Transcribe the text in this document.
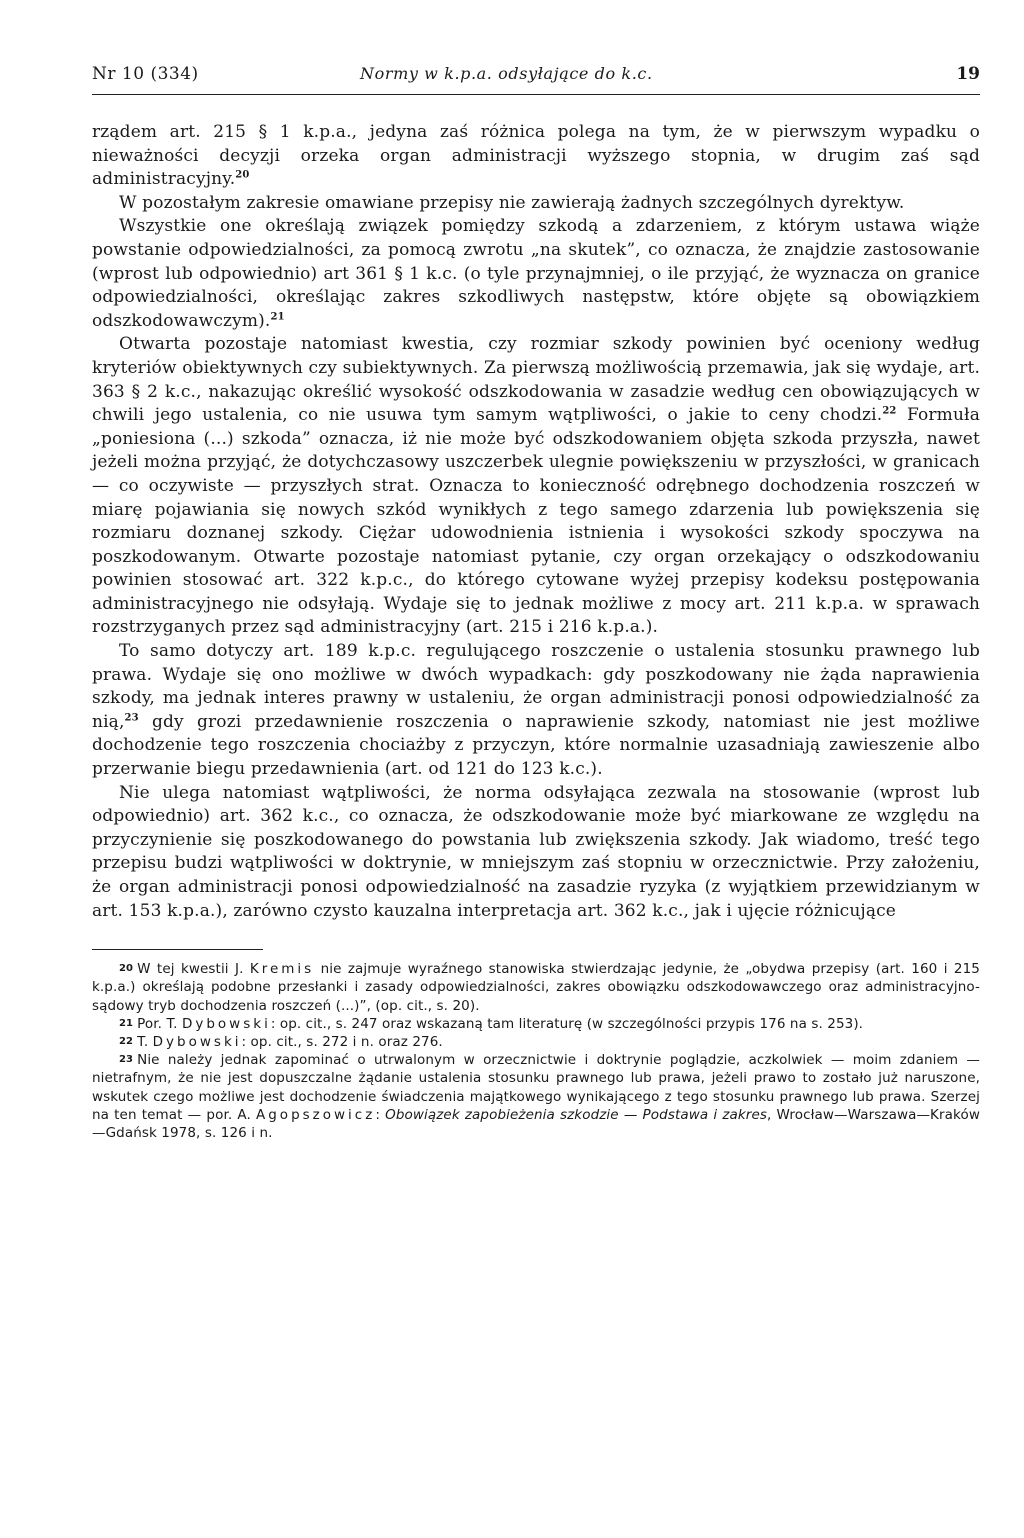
Nr 10 (334)	Normy w k.p.a. odsyłające do k.c.	19

rządem art. 215 § 1 k.p.a., jedyna zaś różnica polega na tym, że w pierwszym wypadku o nieważności decyzji orzeka organ administracji wyższego stopnia, w drugim zaś sąd administracyjny.$^{20}$

W pozostałym zakresie omawiane przepisy nie zawierają żadnych szczególnych dyrektyw.

Wszystkie one określają związek pomiędzy szkodą a zdarzeniem, z którym ustawa wiąże powstanie odpowiedzialności, za pomocą zwrotu „na skutek”, co oznacza, że znajdzie zastosowanie (wprost lub odpowiednio) art 361 § 1 k.c. (o tyle przynajmniej, o ile przyjąć, że wyznacza on granice odpowiedzialności, określając zakres szkodliwych następstw, które objęte są obowiązkiem odszkodowawczym).$^{21}$

Otwarta pozostaje natomiast kwestia, czy rozmiar szkody powinien być oceniony według kryteriów obiektywnych czy subiektywnych. Za pierwszą możliwością przemawia, jak się wydaje, art. 363 § 2 k.c., nakazując określić wysokość odszkodowania w zasadzie według cen obowiązujących w chwili jego ustalenia, co nie usuwa tym samym wątpliwości, o jakie to ceny chodzi.$^{22}$ Formuła „poniesiona (...) szkoda” oznacza, iż nie może być odszkodowaniem objęta szkoda przyszła, nawet jeżeli można przyjąć, że dotychczasowy uszczerbek ulegnie powiększeniu w przyszłości, w granicach — co oczywiste — przyszłych strat. Oznacza to konieczność odrębnego dochodzenia roszczeń w miarę pojawiania się nowych szkód wynikłych z tego samego zdarzenia lub powiększenia się rozmiaru doznanej szkody. Ciężar udowodnienia istnienia i wysokości szkody spoczywa na poszkodowanym. Otwarte pozostaje natomiast pytanie, czy organ orzekający o odszkodowaniu powinien stosować art. 322 k.p.c., do którego cytowane wyżej przepisy kodeksu postępowania administracyjnego nie odsyłają. Wydaje się to jednak możliwe z mocy art. 211 k.p.a. w sprawach rozstrzyganych przez sąd administracyjny (art. 215 i 216 k.p.a.).

To samo dotyczy art. 189 k.p.c. regulującego roszczenie o ustalenia stosunku prawnego lub prawa. Wydaje się ono możliwe w dwóch wypadkach: gdy poszkodowany nie żąda naprawienia szkody, ma jednak interes prawny w ustaleniu, że organ administracji ponosi odpowiedzialność za nią,$^{23}$ gdy grozi przedawnienie roszczenia o naprawienie szkody, natomiast nie jest możliwe dochodzenie tego roszczenia chociażby z przyczyn, które normalnie uzasadniają zawieszenie albo przerwanie biegu przedawnienia (art. od 121 do 123 k.c.).

Nie ulega natomiast wątpliwości, że norma odsyłająca zezwala na stosowanie (wprost lub odpowiednio) art. 362 k.c., co oznacza, że odszkodowanie może być miarkowane ze względu na przyczynienie się poszkodowanego do powstania lub zwiększenia szkody. Jak wiadomo, treść tego przepisu budzi wątpliwości w doktrynie, w mniejszym zaś stopniu w orzecznictwie. Przy założeniu, że organ administracji ponosi odpowiedzialność na zasadzie ryzyka (z wyjątkiem przewidzianym w art. 153 k.p.a.), zarówno czysto kauzalna interpretacja art. 362 k.c., jak i ujęcie różnicujące

20 W tej kwestii J. Kremis nie zajmuje wyraźnego stanowiska stwierdzając jedynie, że „obydwa przepisy (art. 160 i 215 k.p.a.) określają podobne przesłanki i zasady odpowiedzialności, zakres obowiązku odszkodowawczego oraz administracyjno-sądowy tryb dochodzenia roszczeń (...)”, (op. cit., s. 20).

21 Por. T. Dybowski: op. cit., s. 247 oraz wskazaną tam literaturę (w szczególności przypis 176 na s. 253).

22 T. Dybowski: op. cit., s. 272 i n. oraz 276.

23 Nie należy jednak zapominać o utrwalonym w orzecznictwie i doktrynie poglądzie, aczkolwiek — moim zdaniem — nietrafnym, że nie jest dopuszczalne żądanie ustalenia stosunku prawnego lub prawa, jeżeli prawo to zostało już naruszone, wskutek czego możliwe jest dochodzenie świadczenia majątkowego wynikającego z tego stosunku prawnego lub prawa. Szerzej na ten temat — por. A. Agopszowicz: Obowiązek zapobieżenia szkodzie — Podstawa i zakres, Wrocław—Warszawa—Kraków—Gdańsk 1978, s. 126 i n.
